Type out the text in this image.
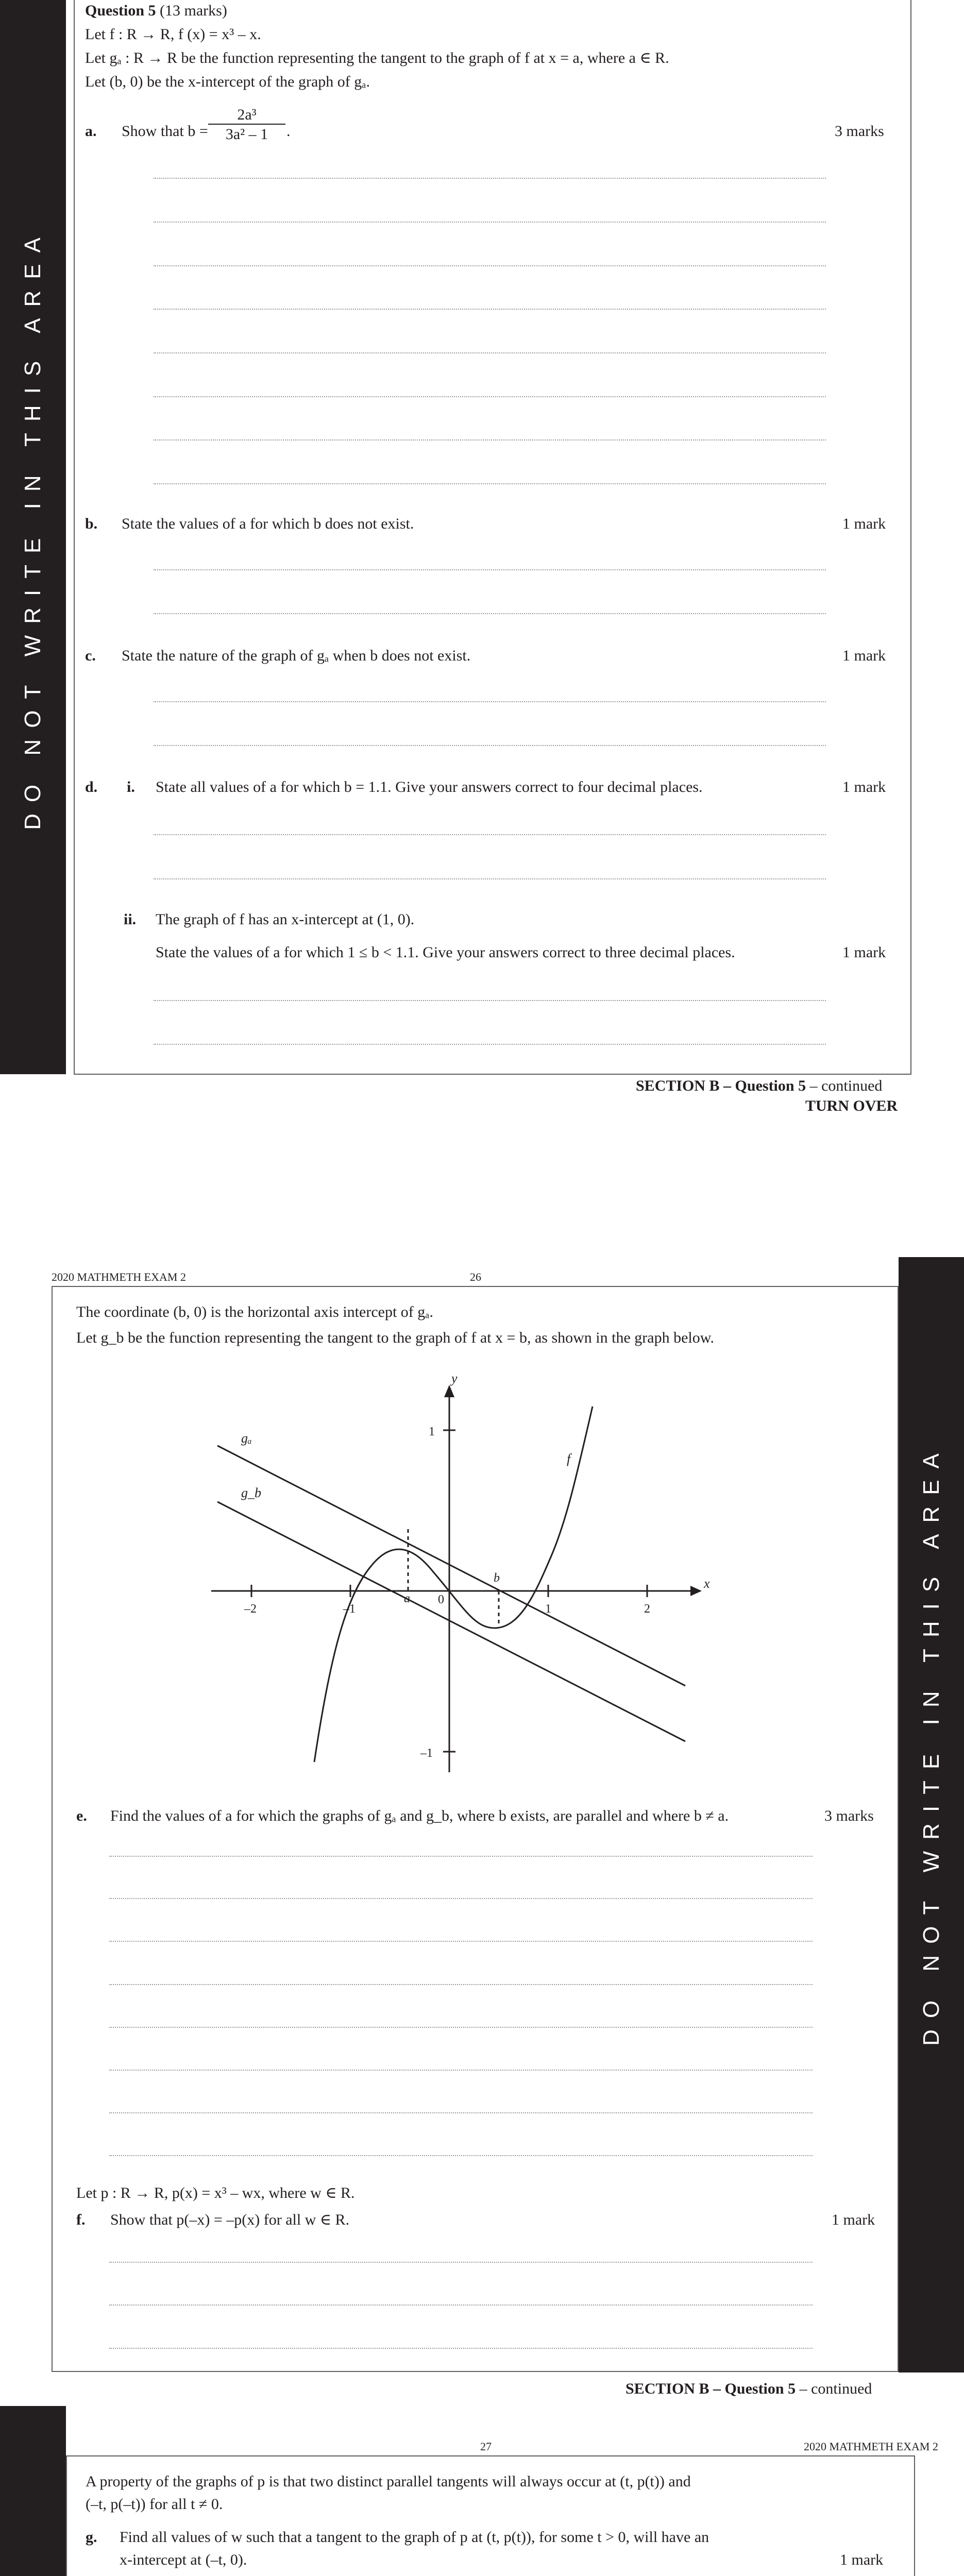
DO NOT WRITE IN THIS AREA
Question 5 (13 marks)
Let f : R → R, f (x) = x³ – x.
Let gₐ : R → R be the function representing the tangent to the graph of f at x = a, where a ∈ R.
Let (b, 0) be the x-intercept of the graph of gₐ.
a. Show that b =
2a³
3a² – 1	.	3 marks
b. State the values of a for which b does not exist.	1 mark
c. State the nature of the graph of gₐ when b does not exist.	1 mark
d. i. State all values of a for which b = 1.1. Give your answers correct to four decimal places.	1 mark
ii. The graph of f has an x-intercept at (1, 0).
State the values of a for which 1 ≤ b < 1.1. Give your answers correct to three decimal places.	1 mark
SECTION B – Question 5 – continued
TURN OVER
2020 MATHMETH EXAM 2	26
DO NOT WRITE IN THIS AREA
The coordinate (b, 0) is the horizontal axis intercept of gₐ.
Let g_b be the function representing the tangent to the graph of f at x = b, as shown in the graph below.
y
x
f
gₐ
g_b
1
–1
–2	–1
0
1	2
a
b
e. Find the values of a for which the graphs of gₐ and g_b, where b exists, are parallel and where b ≠ a.	3 marks
Let p : R → R, p(x) = x³ – wx, where w ∈ R.
f. Show that p(–x) = –p(x) for all w ∈ R.	1 mark
SECTION B – Question 5 – continued
27	2020 MATHMETH EXAM 2
A property of the graphs of p is that two distinct parallel tangents will always occur at (t, p(t)) and
(–t, p(–t)) for all t ≠ 0.
g. Find all values of w such that a tangent to the graph of p at (t, p(t)), for some t > 0, will have an
x-intercept at (–t, 0).	1 mark
